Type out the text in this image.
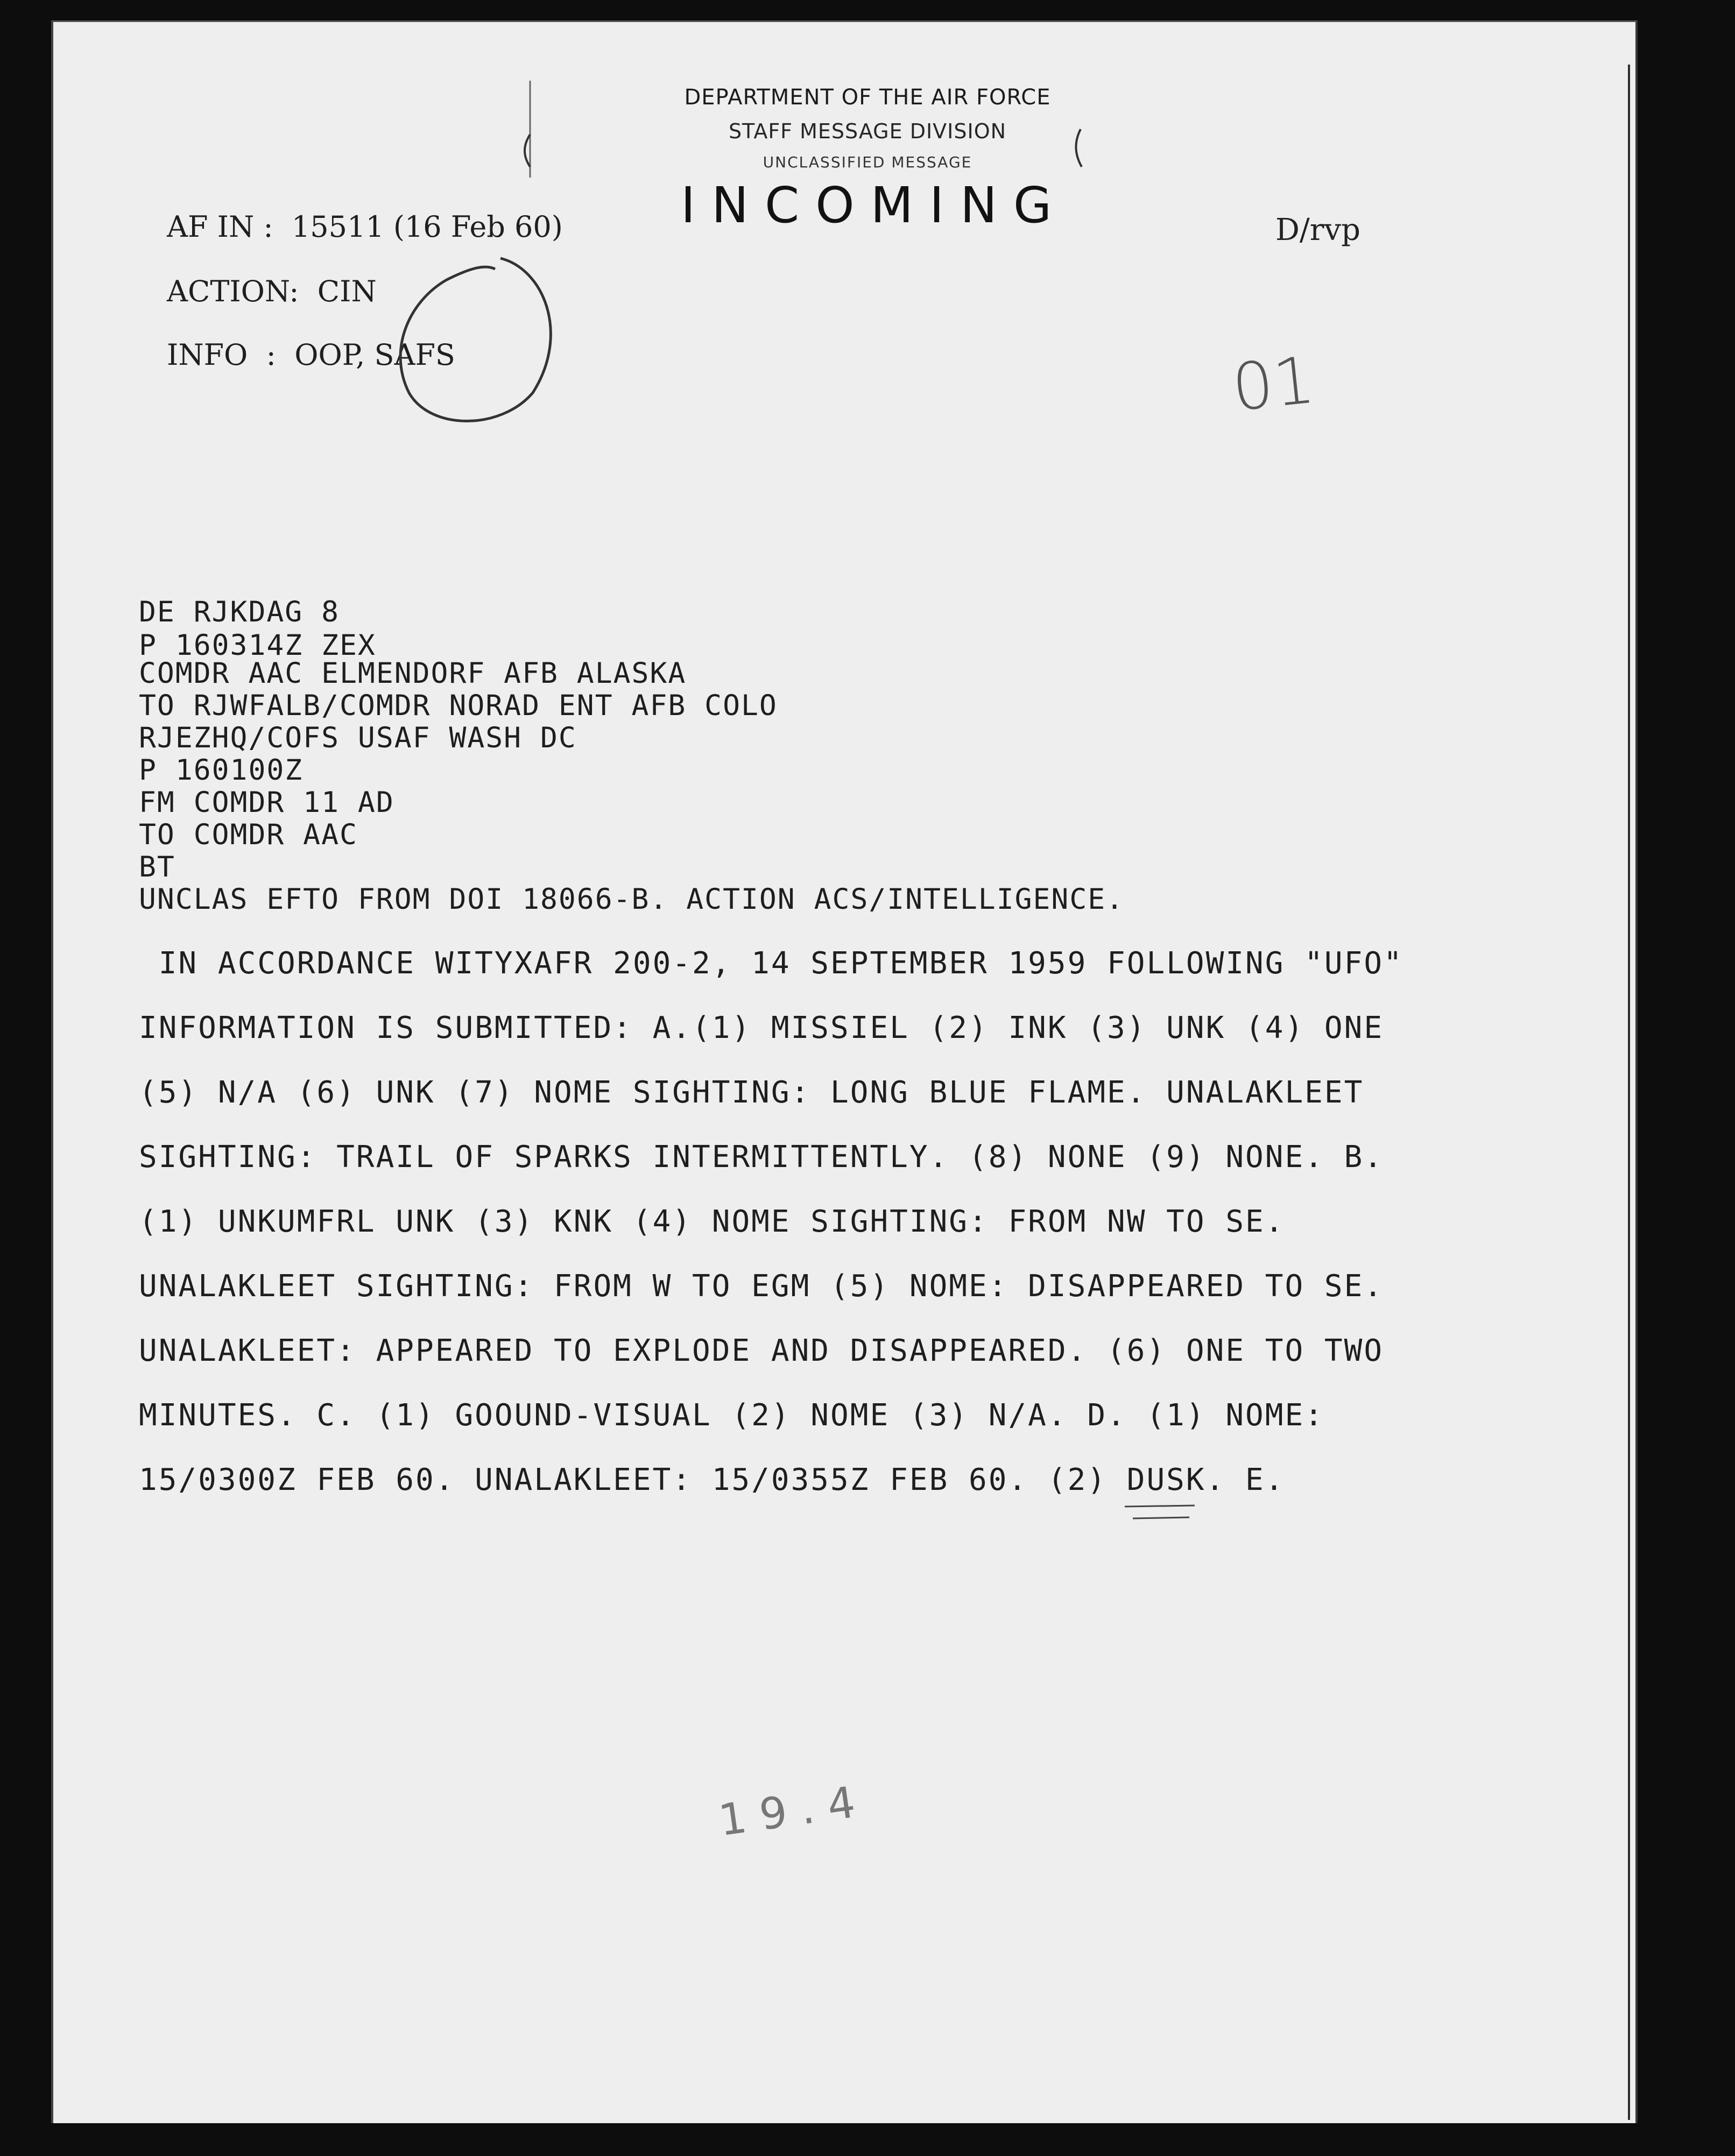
DEPARTMENT OF THE AIR FORCE
STAFF MESSAGE DIVISION
UNCLASSIFIED MESSAGE
INCOMING
AF IN : 15511 (16 Feb 60)
ACTION: CIN
INFO  : OOP, SAFS
D/rvp
01
1 9 . 4
DE RJKDAG 8
P 160314Z ZEX
COMDR AAC ELMENDORF AFB ALASKA
TO RJWFALB/COMDR NORAD ENT AFB COLO
RJEZHQ/COFS USAF WASH DC
P 160100Z
FM COMDR 11 AD
TO COMDR AAC
BT
UNCLAS EFTO FROM DOI 18066-B. ACTION ACS/INTELLIGENCE.
IN ACCORDANCE WITYXAFR 200-2, 14 SEPTEMBER 1959 FOLLOWING "UFO"
INFORMATION IS SUBMITTED: A.(1) MISSIEL (2) INK (3) UNK (4) ONE
(5) N/A (6) UNK (7) NOME SIGHTING: LONG BLUE FLAME. UNALAKLEET
SIGHTING: TRAIL OF SPARKS INTERMITTENTLY. (8) NONE (9) NONE. B.
(1) UNKUMFRL UNK (3) KNK (4) NOME SIGHTING: FROM NW TO SE.
UNALAKLEET SIGHTING: FROM W TO EGM (5) NOME: DISAPPEARED TO SE.
UNALAKLEET: APPEARED TO EXPLODE AND DISAPPEARED. (6) ONE TO TWO
MINUTES. C. (1) GOOUND-VISUAL (2) NOME (3) N/A. D. (1) NOME:
15/0300Z FEB 60. UNALAKLEET: 15/0355Z FEB 60. (2) DUSK. E.
